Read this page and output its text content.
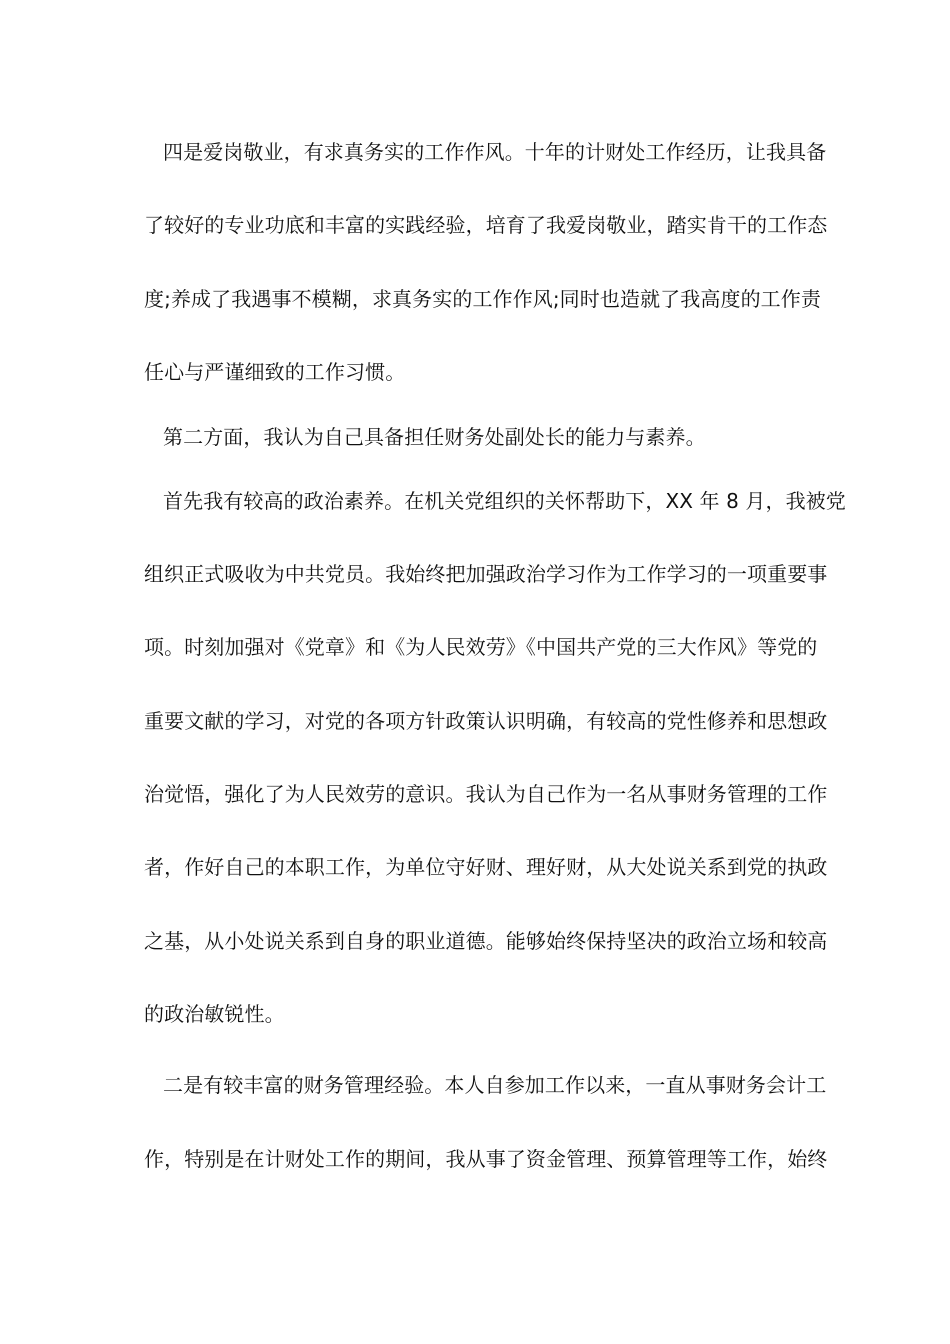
四是爱岗敬业，有求真务实的工作作风。十年的计财处工作经历，让我具备
了较好的专业功底和丰富的实践经验，培育了我爱岗敬业，踏实肯干的工作态
度;养成了我遇事不模糊，求真务实的工作作风;同时也造就了我高度的工作责
任心与严谨细致的工作习惯。
第二方面，我认为自己具备担任财务处副处长的能力与素养。
首先我有较高的政治素养。在机关党组织的关怀帮助下，XX 年 8 月，我被党
组织正式吸收为中共党员。我始终把加强政治学习作为工作学习的一项重要事
项。时刻加强对《党章》和《为人民效劳》《中国共产党的三大作风》等党的
重要文献的学习，对党的各项方针政策认识明确，有较高的党性修养和思想政
治觉悟，强化了为人民效劳的意识。我认为自己作为一名从事财务管理的工作
者，作好自己的本职工作，为单位守好财、理好财，从大处说关系到党的执政
之基，从小处说关系到自身的职业道德。能够始终保持坚决的政治立场和较高
的政治敏锐性。
二是有较丰富的财务管理经验。本人自参加工作以来，一直从事财务会计工
作，特别是在计财处工作的期间，我从事了资金管理、预算管理等工作，始终
